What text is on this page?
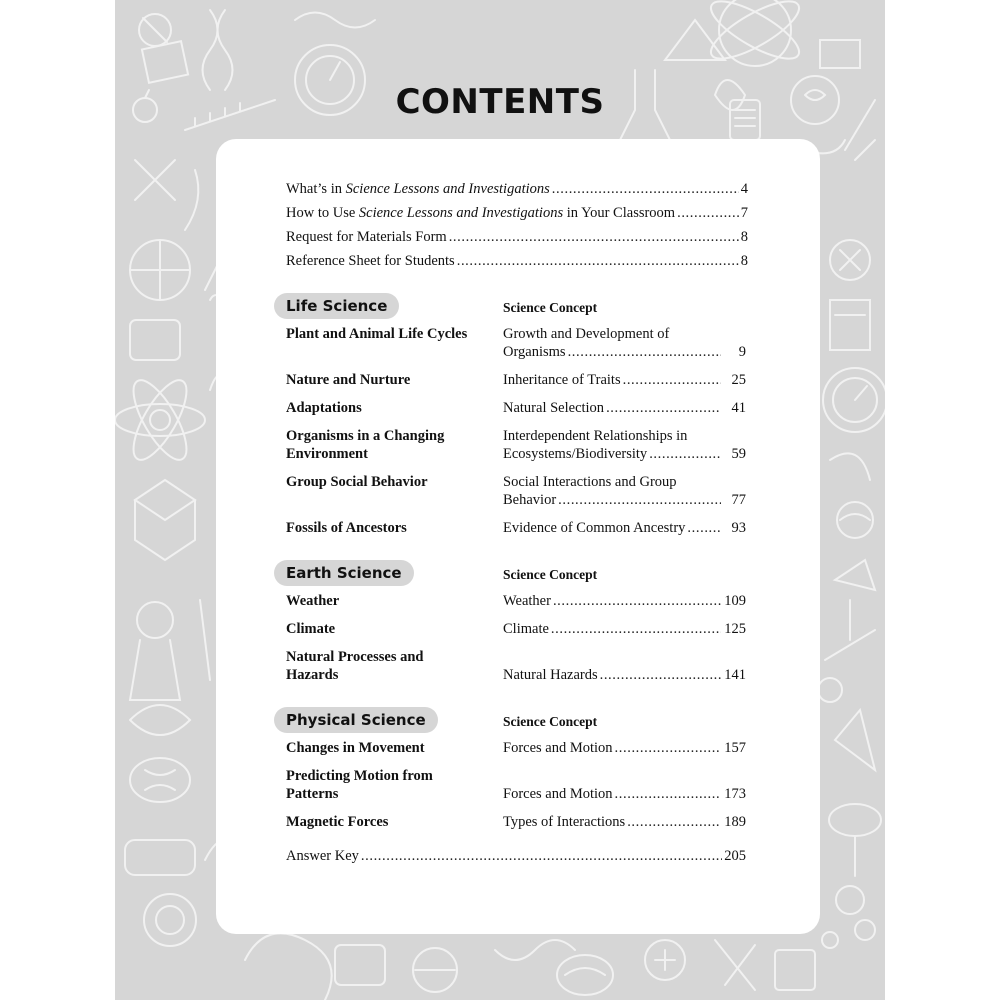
CONTENTS
What’s in Science Lessons and Investigations .....	4
How to Use Science Lessons and Investigations in Your Classroom .....	7
Request for Materials Form .....	8
Reference Sheet for Students .....	8
Life Science	Science Concept
Plant and Animal Life Cycles	Growth and Development of
Organisms .....	9
Nature and Nurture	Inheritance of Traits .....	25
Adaptations	Natural Selection .....	41
Organisms in a Changing Environment
Interdependent Relationships in
Ecosystems/Biodiversity .....	59
Group Social Behavior	Social Interactions and Group
Behavior .....	77
Fossils of Ancestors	Evidence of Common Ancestry .....	93
Earth Science	Science Concept
Weather	Weather .....	109
Climate	Climate .....	125
Natural Processes and Hazards	Natural Hazards .....	141
Physical Science	Science Concept
Changes in Movement	Forces and Motion .....	157
Predicting Motion from Patterns	Forces and Motion .....	173
Magnetic Forces	Types of Interactions .....	189
Answer Key .....	205
